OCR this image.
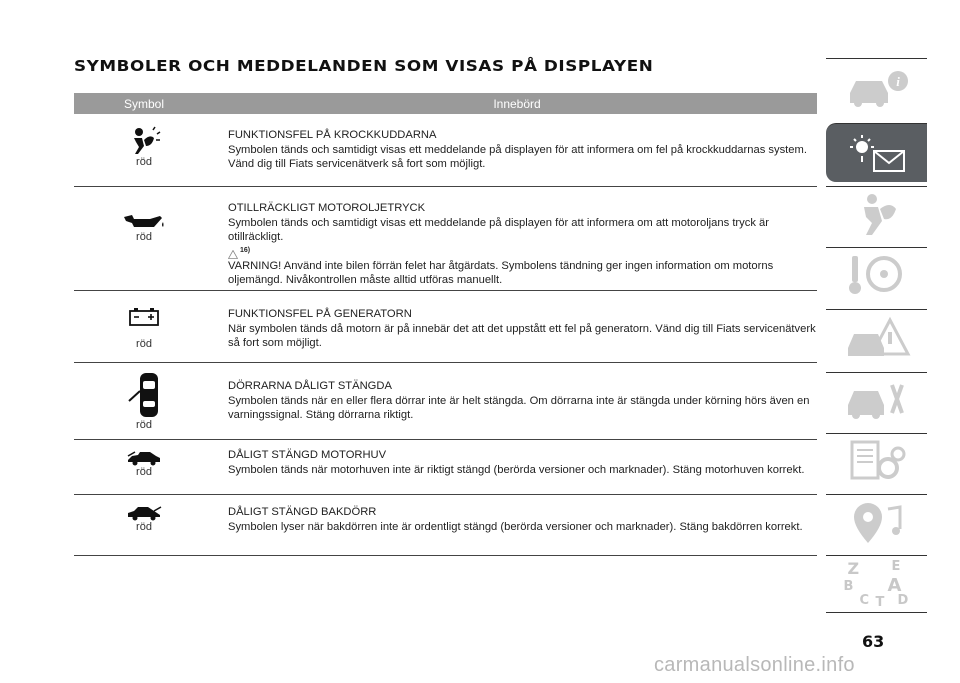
SYMBOLER OCH MEDDELANDEN SOM VISAS PÅ DISPLAYEN
Symbol	Innebörd
röd
FUNKTIONSFEL PÅ KROCKKUDDARNA
Symbolen tänds och samtidigt visas ett meddelande på displayen för att informera om fel på krockkuddarnas system. Vänd dig till Fiats servicenätverk så fort som möjligt.
röd
OTILLRÄCKLIGT MOTOROLJETRYCK
Symbolen tänds och samtidigt visas ett meddelande på displayen för att informera om att motoroljans tryck är otillräckligt.
16)
VARNING! Använd inte bilen förrän felet har åtgärdats. Symbolens tändning ger ingen information om motorns oljemängd. Nivåkontrollen måste alltid utföras manuellt.
röd
FUNKTIONSFEL PÅ GENERATORN
När symbolen tänds då motorn är på innebär det att det uppstått ett fel på generatorn. Vänd dig till Fiats servicenätverk så fort som möjligt.
röd
DÖRRARNA DÅLIGT STÄNGDA
Symbolen tänds när en eller flera dörrar inte är helt stängda. Om dörrarna inte är stängda under körning hörs även en varningssignal. Stäng dörrarna riktigt.
röd
DÅLIGT STÄNGD MOTORHUV
Symbolen tänds när motorhuven inte är riktigt stängd (berörda versioner och marknader). Stäng motorhuven korrekt.
röd
DÅLIGT STÄNGD BAKDÖRR
Symbolen lyser när bakdörren inte är ordentligt stängd (berörda versioner och marknader). Stäng bakdörren korrekt.
i
Z E
B A
C T D
63
carmanualsonline.info
